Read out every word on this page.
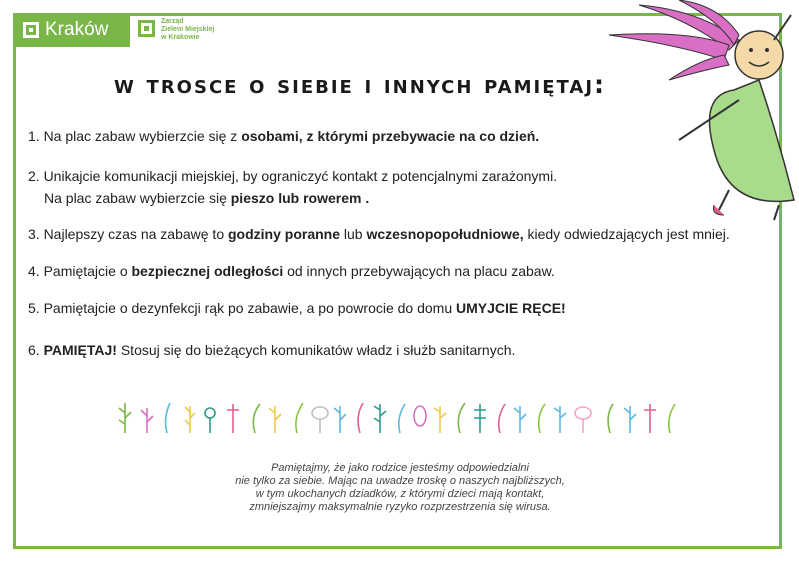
Kraków	Zarząd
Zieleni Miejskiej
w Krakowie
w trosce o siebie i innych pamiętaj:
1. Na plac zabaw wybierzcie się z osobami, z którymi przebywacie na co dzień.
2. Unikajcie komunikacji miejskiej, by ograniczyć kontakt z potencjalnymi zarażonymi.
Na plac zabaw wybierzcie się pieszo lub rowerem .
3. Najlepszy czas na zabawę to godziny poranne lub wczesnopopołudniowe, kiedy odwiedzających jest mniej.
4. Pamiętajcie o bezpiecznej odległości od innych przebywających na placu zabaw.
5. Pamiętajcie o dezynfekcji rąk po zabawie, a po powrocie do domu UMYJCIE RĘCE!
6. PAMIĘTAJ! Stosuj się do bieżących komunikatów władz i służb sanitarnych.
Pamiętajmy, że jako rodzice jesteśmy odpowiedzialni
nie tylko za siebie. Mając na uwadze troskę o naszych najbliższych,
w tym ukochanych dziadków, z którymi dzieci mają kontakt,
zmniejszajmy maksymalnie ryzyko rozprzestrzenia się wirusa.
